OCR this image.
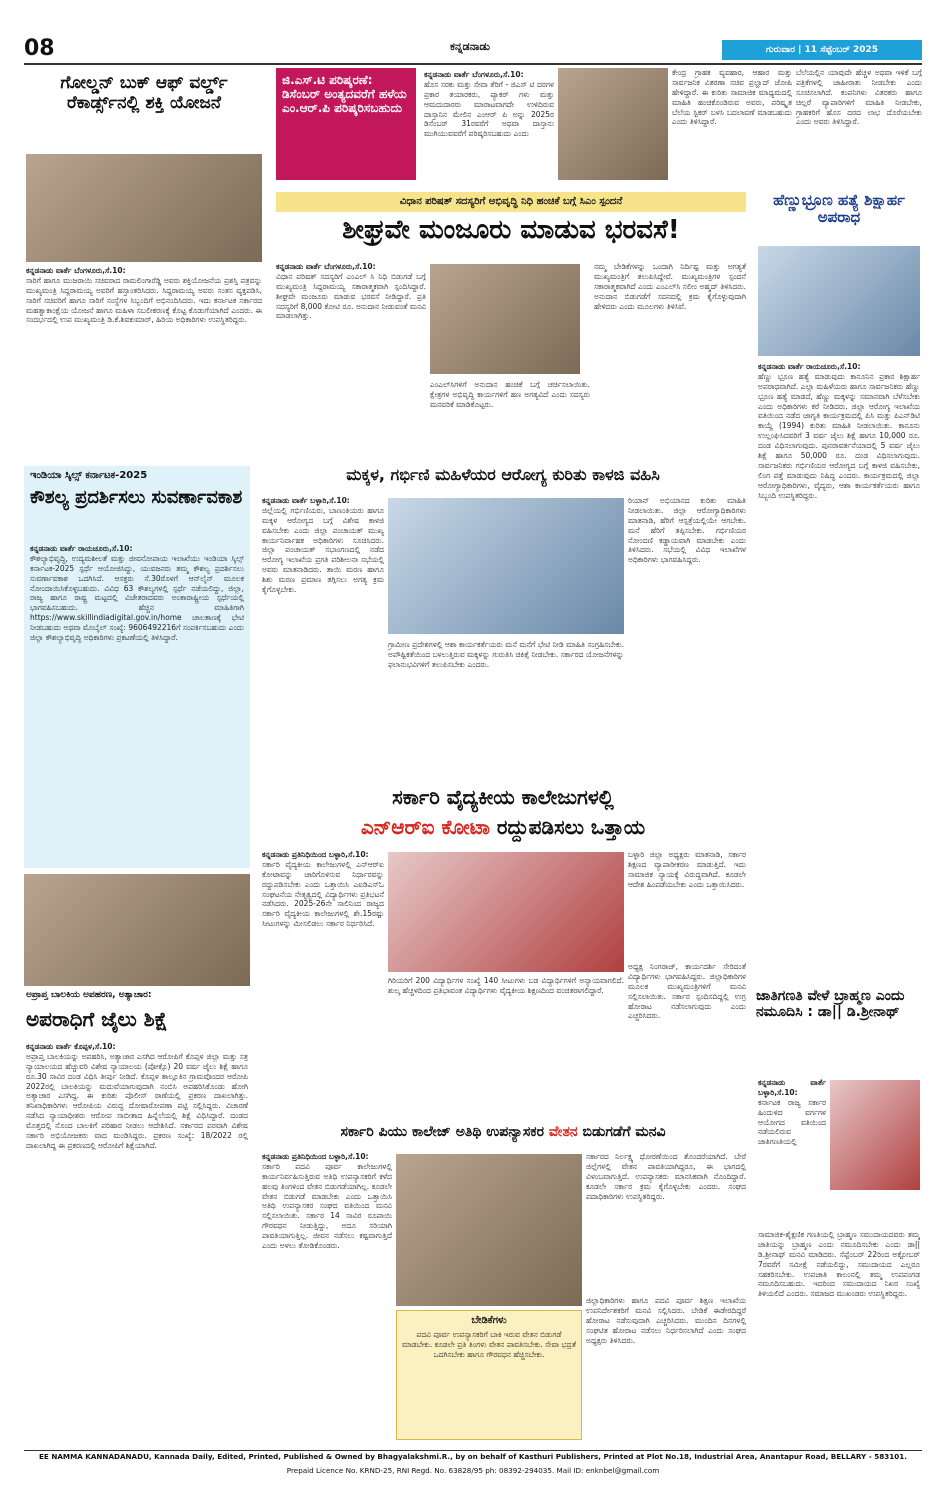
08	ಕನ್ನಡನಾಡು	ಗುರುವಾರ | 11 ಸೆಪ್ಟೆಂಬರ್ 2025
ಗೋಲ್ಡನ್ ಬುಕ್ ಆಫ್ ವರ್ಲ್ಡ್ ರೆಕಾರ್ಡ್ಸ್‌ನಲ್ಲಿ ಶಕ್ತಿ ಯೋಜನೆ
ಕನ್ನಡನಾಡು ವಾರ್ತೆ ಬೆಂಗಳೂರು,ಸೆ.10:
ಸಾರಿಗೆ ಹಾಗೂ ಮುಜರಾಯಿ ಸಚಿವರಾದ ರಾಮಲಿಂಗಾರೆಡ್ಡಿ ಅವರು ಶಕ್ತಿಯೋಜನೆಯ ಪ್ರಶಸ್ತಿ ಪತ್ರವನ್ನು ಮುಖ್ಯಮಂತ್ರಿ ಸಿದ್ದರಾಮಯ್ಯ ಅವರಿಗೆ ಹಸ್ತಾಂತರಿಸಿದರು. ಸಿದ್ದರಾಮಯ್ಯ ಅವರು ಸಂತಸ ವ್ಯಕ್ತಪಡಿಸಿ, ಸಾರಿಗೆ ಸಚಿವರಿಗೆ ಹಾಗೂ ಸಾರಿಗೆ ಸಂಸ್ಥೆಗಳ ಸಿಬ್ಬಂದಿಗೆ ಅಭಿನಂದಿಸಿದರು. ಇದು ಕರ್ನಾಟಕ ಸರ್ಕಾರದ ಮಹತ್ವಾಕಾಂಕ್ಷೆಯ ಯೋಜನೆ ಹಾಗೂ ಮಹಿಳಾ ಸಬಲೀಕರಣಕ್ಕೆ ಕೊಟ್ಟ ಕೊಡುಗೆಯಾಗಿದೆ ಎಂದರು. ಈ ಸಂದರ್ಭದಲ್ಲಿ ಉಪ ಮುಖ್ಯಮಂತ್ರಿ ಡಿ.ಕೆ.ಶಿವಕುಮಾರ್, ಹಿರಿಯ ಅಧಿಕಾರಿಗಳು ಉಪಸ್ಥಿತರಿದ್ದರು.
ಜಿ.ಎಸ್.ಟಿ ಪರಿಷ್ಕರಣೆ: ಡಿಸೆಂಬರ್ ಅಂತ್ಯದವರೆಗೆ ಹಳೆಯ ಎಂ.ಆರ್.ಪಿ ಪರಿಷ್ಕರಿಸಬಹುದು
ಕನ್ನಡನಾಡು ವಾರ್ತೆ ಬೆಂಗಳೂರು,ಸೆ.10:
ಹೊಸ ಸರಕು ಮತ್ತು ಸೇವಾ ತೆರಿಗೆ - ಜಿಎಸ್ ಟಿ ದರಗಳ ಪ್ರಕಾರ ತಯಾರಕರು, ಪ್ಯಾಕರ್ ಗಳು ಮತ್ತು ಆಮದುದಾರರು ಮಾರಾಟವಾಗದೇ ಉಳಿದಿರುವ ದಾಸ್ತಾನಿನ ಮೇಲಿನ ಎಂಆರ್ ಪಿ ಅನ್ನು 2025ರ ಡಿಸೆಂಬರ್ 31ರವರೆಗೆ ಅಥವಾ ದಾಸ್ತಾನು ಮುಗಿಯುವವರೆಗೆ ಪರಿಷ್ಕರಿಸಬಹುದು ಎಂದು
ಕೇಂದ್ರ ಗ್ರಾಹಕ ವ್ಯವಹಾರ, ಆಹಾರ ಮತ್ತು ಸಾರ್ವಜನಿಕ ವಿತರಣಾ ಸಚಿವ ಪ್ರಲ್ಹಾದ್ ಜೋಷಿ ಹೇಳಿದ್ದಾರೆ. ಈ ಕುರಿತು ಸಾಮಾಜಿಕ ಮಾಧ್ಯಮದಲ್ಲಿ ಮಾಹಿತಿ ಹಂಚಿಕೊಂಡಿರುವ ಅವರು, ಪರಿಷ್ಕೃತ ಬೆಲೆಯ ಸ್ಟಿಕರ್ ಬಳಸಿ ಬದಲಾವಣೆ ಮಾಡಬಹುದು ಎಂದು ತಿಳಿಸಿದ್ದಾರೆ.
ಬೆಲೆಯಲ್ಲಿನ ಯಾವುದೇ ಹೆಚ್ಚಳ ಅಥವಾ ಇಳಿಕೆ ಬಗ್ಗೆ ಪತ್ರಿಕೆಗಳಲ್ಲಿ ಜಾಹೀರಾತು ನೀಡಬೇಕು ಎಂದು ಸೂಚಿಸಲಾಗಿದೆ. ಕಂಪನಿಗಳು ವಿತರಕರು ಹಾಗೂ ಚಿಲ್ಲರೆ ವ್ಯಾಪಾರಿಗಳಿಗೆ ಮಾಹಿತಿ ನೀಡಬೇಕು, ಗ್ರಾಹಕರಿಗೆ ಹೊಸ ದರದ ಲಾಭ ದೊರೆಯಬೇಕು ಎಂದು ಅವರು ತಿಳಿಸಿದ್ದಾರೆ.
ವಿಧಾನ ಪರಿಷತ್ ಸದಸ್ಯರಿಗೆ ಅಭಿವೃದ್ಧಿ ನಿಧಿ ಹಂಚಿಕೆ ಬಗ್ಗೆ ಸಿಎಂ ಸ್ಪಂದನೆ
ಶೀಘ್ರವೇ ಮಂಜೂರು ಮಾಡುವ ಭರವಸೆ!
ಕನ್ನಡನಾಡು ವಾರ್ತೆ ಬೆಂಗಳೂರು,ಸೆ.10:
ವಿಧಾನ ಪರಿಷತ್ ಸದಸ್ಯರಿಗೆ ಎಂಎಲ್ ಸಿ ನಿಧಿ ಬಿಡುಗಡೆ ಬಗ್ಗೆ ಮುಖ್ಯಮಂತ್ರಿ ಸಿದ್ದರಾಮಯ್ಯ ಸಕಾರಾತ್ಮಕವಾಗಿ ಸ್ಪಂದಿಸಿದ್ದಾರೆ. ಶೀಘ್ರವೇ ಮಂಜೂರು ಮಾಡುವ ಭರವಸೆ ನೀಡಿದ್ದಾರೆ. ಪ್ರತಿ ಸದಸ್ಯರಿಗೆ 8,000 ಕೋಟಿ ರೂ. ಅನುದಾನ ನೀಡುವಂತೆ ಮನವಿ ಮಾಡಲಾಗಿತ್ತು.
ಎಂಎಲ್‌ಸಿಗಳಿಗೆ ಅನುದಾನ ಹಂಚಿಕೆ ಬಗ್ಗೆ ಚರ್ಚಿಸಲಾಯಿತು. ಕ್ಷೇತ್ರಗಳ ಅಭಿವೃದ್ಧಿ ಕಾರ್ಯಗಳಿಗೆ ಹಣ ಅಗತ್ಯವಿದೆ ಎಂದು ಸದಸ್ಯರು ಮನವರಿಕೆ ಮಾಡಿಕೊಟ್ಟರು.
ನಮ್ಮ ಬೇಡಿಕೆಗಳನ್ನು ಒಂದಾಗಿ ನಿರ್ದಿಷ್ಟ ಮತ್ತು ಅಗತ್ಯತೆ ಮುಖ್ಯಮಂತ್ರಿಗೆ ತಲುಪಿಸಿದ್ದೇವೆ. ಮುಖ್ಯಮಂತ್ರಿಗಳ ಸ್ಪಂದನೆ ಸಕಾರಾತ್ಮಕವಾಗಿದೆ ಎಂದು ಎಂಎಲ್‌ಸಿ ಸಲೀಂ ಅಹ್ಮದ್ ತಿಳಿಸಿದರು. ಅನುದಾನ ಬಿಡುಗಡೆಗೆ ಸದನದಲ್ಲಿ ಕ್ರಮ ಕೈಗೊಳ್ಳುವುದಾಗಿ ಹೇಳಿದರು ಎಂದು ಮೂಲಗಳು ತಿಳಿಸಿವೆ.
ಹೆಣ್ಣುಭ್ರೂಣ ಹತ್ಯೆ ಶಿಕ್ಷಾರ್ಹ ಅಪರಾಧ
ಕನ್ನಡನಾಡು ವಾರ್ತೆ ರಾಯಚೂರು,ಸೆ.10:
ಹೆಣ್ಣು ಭ್ರೂಣ ಹತ್ಯೆ ಮಾಡುವುದು ಕಾನೂನಿನ ಪ್ರಕಾರ ಶಿಕ್ಷಾರ್ಹ ಅಪರಾಧವಾಗಿದೆ. ಎಲ್ಲಾ ಮಹಿಳೆಯರು ಹಾಗೂ ಸಾರ್ವಜನಿಕರು ಹೆಣ್ಣು ಭ್ರೂಣ ಹತ್ಯೆ ಮಾಡದೆ, ಹೆಣ್ಣು ಮಕ್ಕಳನ್ನು ಸಮಾನವಾಗಿ ಬೆಳೆಸಬೇಕು ಎಂದು ಅಧಿಕಾರಿಗಳು ಕರೆ ನೀಡಿದರು. ಜಿಲ್ಲಾ ಆರೋಗ್ಯ ಇಲಾಖೆಯ ವತಿಯಿಂದ ನಡೆದ ಜಾಗೃತಿ ಕಾರ್ಯಕ್ರಮದಲ್ಲಿ ಪಿಸಿ ಮತ್ತು ಪಿಎನ್‌ಡಿಟಿ ಕಾಯ್ದೆ (1994) ಕುರಿತು ಮಾಹಿತಿ ನೀಡಲಾಯಿತು. ಕಾನೂನು ಉಲ್ಲಂಘಿಸಿದವರಿಗೆ 3 ವರ್ಷ ಜೈಲು ಶಿಕ್ಷೆ ಹಾಗೂ 10,000 ರೂ. ದಂಡ ವಿಧಿಸಲಾಗುವುದು. ಪುನರಾವರ್ತನೆಯಾದಲ್ಲಿ 5 ವರ್ಷ ಜೈಲು ಶಿಕ್ಷೆ ಹಾಗೂ 50,000 ರೂ. ದಂಡ ವಿಧಿಸಲಾಗುವುದು. ಸಾರ್ವಜನಿಕರು ಗರ್ಭಿಣಿಯರ ಆರೋಗ್ಯದ ಬಗ್ಗೆ ಕಾಳಜಿ ವಹಿಸಬೇಕು, ಲಿಂಗ ಪತ್ತೆ ಮಾಡುವುದು ನಿಷಿದ್ಧ ಎಂದರು. ಕಾರ್ಯಕ್ರಮದಲ್ಲಿ ಜಿಲ್ಲಾ ಆರೋಗ್ಯಾಧಿಕಾರಿಗಳು, ವೈದ್ಯರು, ಆಶಾ ಕಾರ್ಯಕರ್ತೆಯರು ಹಾಗೂ ಸಿಬ್ಬಂದಿ ಉಪಸ್ಥಿತರಿದ್ದರು.
ಇಂಡಿಯಾ ಸ್ಕಿಲ್ಸ್ ಕರ್ನಾಟಕ-2025
ಕೌಶಲ್ಯ ಪ್ರದರ್ಶಿಸಲು ಸುವರ್ಣಾವಕಾಶ
ಕನ್ನಡನಾಡು ವಾರ್ತೆ ರಾಯಚೂರು,ಸೆ.10:
ಕೌಶಲ್ಯಾಭಿವೃದ್ಧಿ, ಉದ್ಯಮಶೀಲತೆ ಮತ್ತು ಜೀವನೋಪಾಯ ಇಲಾಖೆಯು ಇಂಡಿಯಾ ಸ್ಕಿಲ್ಸ್ ಕರ್ನಾಟಕ-2025 ಸ್ಪರ್ಧೆ ಆಯೋಜಿಸಿದ್ದು, ಯುವಜನರು ತಮ್ಮ ಕೌಶಲ್ಯ ಪ್ರದರ್ಶಿಸಲು ಸುವರ್ಣಾವಕಾಶ ಒದಗಿಸಿದೆ. ಆಸಕ್ತರು ಸೆ.30ರೊಳಗೆ ಆನ್‌ಲೈನ್ ಮೂಲಕ ನೋಂದಾಯಿಸಿಕೊಳ್ಳಬಹುದು. ವಿವಿಧ 63 ಕೌಶಲ್ಯಗಳಲ್ಲಿ ಸ್ಪರ್ಧೆ ನಡೆಯಲಿದ್ದು, ಜಿಲ್ಲಾ, ರಾಜ್ಯ ಹಾಗೂ ರಾಷ್ಟ್ರ ಮಟ್ಟದಲ್ಲಿ ವಿಜೇತರಾದವರು ಅಂತಾರಾಷ್ಟ್ರೀಯ ಸ್ಪರ್ಧೆಯಲ್ಲಿ ಭಾಗವಹಿಸಬಹುದು. ಹೆಚ್ಚಿನ ಮಾಹಿತಿಗಾಗಿ https://www.skillindiadigital.gov.in/home ಜಾಲತಾಣಕ್ಕೆ ಭೇಟಿ ನೀಡಬಹುದು ಅಥವಾ ಮೊಬೈಲ್ ಸಂಖ್ಯೆ: 9606492216ಗೆ ಸಂಪರ್ಕಿಸಬಹುದು ಎಂದು ಜಿಲ್ಲಾ ಕೌಶಲ್ಯಾಭಿವೃದ್ಧಿ ಅಧಿಕಾರಿಗಳು ಪ್ರಕಟಣೆಯಲ್ಲಿ ತಿಳಿಸಿದ್ದಾರೆ.
ಮಕ್ಕಳ, ಗರ್ಭಿಣಿ ಮಹಿಳೆಯರ ಆರೋಗ್ಯ ಕುರಿತು ಕಾಳಜಿ ವಹಿಸಿ
ಕನ್ನಡನಾಡು ವಾರ್ತೆ ಬಳ್ಳಾರಿ,ಸೆ.10:
ಜಿಲ್ಲೆಯಲ್ಲಿ ಗರ್ಭಿಣಿಯರು, ಬಾಣಂತಿಯರು ಹಾಗೂ ಮಕ್ಕಳ ಆರೋಗ್ಯದ ಬಗ್ಗೆ ವಿಶೇಷ ಕಾಳಜಿ ವಹಿಸಬೇಕು ಎಂದು ಜಿಲ್ಲಾ ಪಂಚಾಯತ್ ಮುಖ್ಯ ಕಾರ್ಯನಿರ್ವಾಹಕ ಅಧಿಕಾರಿಗಳು ಸೂಚಿಸಿದರು. ಜಿಲ್ಲಾ ಪಂಚಾಯತ್ ಸಭಾಂಗಣದಲ್ಲಿ ನಡೆದ ಆರೋಗ್ಯ ಇಲಾಖೆಯ ಪ್ರಗತಿ ಪರಿಶೀಲನಾ ಸಭೆಯಲ್ಲಿ ಅವರು ಮಾತನಾಡಿದರು. ತಾಯಿ ಮರಣ ಹಾಗೂ ಶಿಶು ಮರಣ ಪ್ರಮಾಣ ತಗ್ಗಿಸಲು ಅಗತ್ಯ ಕ್ರಮ ಕೈಗೊಳ್ಳಬೇಕು.
ಗ್ರಾಮೀಣ ಪ್ರದೇಶಗಳಲ್ಲಿ ಆಶಾ ಕಾರ್ಯಕರ್ತೆಯರು ಮನೆ ಮನೆಗೆ ಭೇಟಿ ನೀಡಿ ಮಾಹಿತಿ ಸಂಗ್ರಹಿಸಬೇಕು. ಅಪೌಷ್ಟಿಕತೆಯಿಂದ ಬಳಲುತ್ತಿರುವ ಮಕ್ಕಳನ್ನು ಗುರುತಿಸಿ ಚಿಕಿತ್ಸೆ ನೀಡಬೇಕು. ಸರ್ಕಾರದ ಯೋಜನೆಗಳನ್ನು ಫಲಾನುಭವಿಗಳಿಗೆ ತಲುಪಿಸಬೇಕು ಎಂದರು.
ರಿಯಾನ್ ಅಭಿಯಾನದ ಕುರಿತು ಮಾಹಿತಿ ನೀಡಲಾಯಿತು. ಜಿಲ್ಲಾ ಆರೋಗ್ಯಾಧಿಕಾರಿಗಳು ಮಾತನಾಡಿ, ಹೆರಿಗೆ ಆಸ್ಪತ್ರೆಯಲ್ಲಿಯೇ ಆಗಬೇಕು. ಮನೆ ಹೆರಿಗೆ ತಪ್ಪಿಸಬೇಕು. ಗರ್ಭಿಣಿಯರ ನೋಂದಣಿ ಕಡ್ಡಾಯವಾಗಿ ಮಾಡಬೇಕು ಎಂದು ತಿಳಿಸಿದರು. ಸಭೆಯಲ್ಲಿ ವಿವಿಧ ಇಲಾಖೆಗಳ ಅಧಿಕಾರಿಗಳು ಭಾಗವಹಿಸಿದ್ದರು.
ಸರ್ಕಾರಿ ವೈದ್ಯಕೀಯ ಕಾಲೇಜುಗಳಲ್ಲಿ
ಎನ್‌ಆರ್‌ಐ ಕೋಟಾ ರದ್ದುಪಡಿಸಲು ಒತ್ತಾಯ
ಕನ್ನಡನಾಡು ಪ್ರತಿನಿಧಿಯಿಂದ ಬಳ್ಳಾರಿ,ಸೆ.10:
ಸರ್ಕಾರಿ ವೈದ್ಯಕೀಯ ಕಾಲೇಜುಗಳಲ್ಲಿ ಎನ್‌ಆರ್‌ಐ ಕೋಟಾವನ್ನು ಜಾರಿಗೊಳಿಸುವ ನಿರ್ಧಾರವನ್ನು ರದ್ದುಪಡಿಸಬೇಕು ಎಂದು ಒತ್ತಾಯಿಸಿ ಎಐಡಿಎಸ್‌ಓ ಸಂಘಟನೆಯ ನೇತೃತ್ವದಲ್ಲಿ ವಿದ್ಯಾರ್ಥಿಗಳು ಪ್ರತಿಭಟನೆ ನಡೆಸಿದರು. 2025-26ನೇ ಸಾಲಿನಿಂದ ರಾಜ್ಯದ ಸರ್ಕಾರಿ ವೈದ್ಯಕೀಯ ಕಾಲೇಜುಗಳಲ್ಲಿ ಶೇ.15ರಷ್ಟು ಸೀಟುಗಳನ್ನು ಮೀಸಲಿಡಲು ಸರ್ಕಾರ ನಿರ್ಧರಿಸಿದೆ.
ಗಿರಿಯರಿಗೆ 200 ವಿದ್ಯಾರ್ಥಿಗಳ ಸಂಖ್ಯೆ 140 ಸೀಟುಗಳು ಬಡ ವಿದ್ಯಾರ್ಥಿಗಳಿಗೆ ಅನ್ಯಾಯವಾಗಲಿದೆ. ಶುಲ್ಕ ಹೆಚ್ಚಳದಿಂದ ಪ್ರತಿಭಾವಂತ ವಿದ್ಯಾರ್ಥಿಗಳು ವೈದ್ಯಕೀಯ ಶಿಕ್ಷಣದಿಂದ ವಂಚಿತರಾಗಲಿದ್ದಾರೆ.
ಬಳ್ಳಾರಿ ಜಿಲ್ಲಾ ಅಧ್ಯಕ್ಷರು ಮಾತನಾಡಿ, ಸರ್ಕಾರ ಶಿಕ್ಷಣದ ವ್ಯಾಪಾರೀಕರಣ ಮಾಡುತ್ತಿದೆ. ಇದು ಸಾಮಾಜಿಕ ನ್ಯಾಯಕ್ಕೆ ವಿರುದ್ಧವಾಗಿದೆ. ಕೂಡಲೇ ಆದೇಶ ಹಿಂಪಡೆಯಬೇಕು ಎಂದು ಒತ್ತಾಯಿಸಿದರು.
ಅಧ್ಯಕ್ಷ ನಿಂಗರಾಜ್, ಕಾರ್ಯದರ್ಶಿ ಸೇರಿದಂತೆ ವಿದ್ಯಾರ್ಥಿಗಳು ಭಾಗವಹಿಸಿದ್ದರು. ಜಿಲ್ಲಾಧಿಕಾರಿಗಳ ಮೂಲಕ ಮುಖ್ಯಮಂತ್ರಿಗಳಿಗೆ ಮನವಿ ಸಲ್ಲಿಸಲಾಯಿತು. ಸರ್ಕಾರ ಸ್ಪಂದಿಸದಿದ್ದಲ್ಲಿ ಉಗ್ರ ಹೋರಾಟ ನಡೆಸಲಾಗುವುದು ಎಂದು ಎಚ್ಚರಿಸಿದರು.
ಅಪ್ರಾಪ್ತ ಬಾಲಕಿಯ ಅಪಹರಣ, ಅತ್ಯಾಚಾರ:
ಅಪರಾಧಿಗೆ ಜೈಲು ಶಿಕ್ಷೆ
ಕನ್ನಡನಾಡು ವಾರ್ತೆ ಕೊಪ್ಪಳ,ಸೆ.10:
ಅಪ್ರಾಪ್ತ ಬಾಲಕಿಯನ್ನು ಅಪಹರಿಸಿ, ಅತ್ಯಾಚಾರ ಎಸಗಿದ ಆರೋಪಿಗೆ ಕೊಪ್ಪಳ ಜಿಲ್ಲಾ ಮತ್ತು ಸತ್ರ ನ್ಯಾಯಾಲಯದ ಹೆಚ್ಚುವರಿ ವಿಶೇಷ ನ್ಯಾಯಾಲಯ (ಪೋಕ್ಸೊ) 20 ವರ್ಷ ಜೈಲು ಶಿಕ್ಷೆ ಹಾಗೂ ರೂ.30 ಸಾವಿರ ದಂಡ ವಿಧಿಸಿ ತೀರ್ಪು ನೀಡಿದೆ. ಕೊಪ್ಪಳ ತಾಲ್ಲೂಕಿನ ಗ್ರಾಮವೊಂದರ ಆರೋಪಿ 2022ರಲ್ಲಿ ಬಾಲಕಿಯನ್ನು ಮದುವೆಯಾಗುವುದಾಗಿ ನಂಬಿಸಿ ಅಪಹರಿಸಿಕೊಂಡು ಹೋಗಿ ಅತ್ಯಾಚಾರ ಎಸಗಿದ್ದ. ಈ ಕುರಿತು ಪೊಲೀಸ್ ಠಾಣೆಯಲ್ಲಿ ಪ್ರಕರಣ ದಾಖಲಾಗಿತ್ತು. ತನಿಖಾಧಿಕಾರಿಗಳು ಆರೋಪಿಯ ವಿರುದ್ಧ ದೋಷಾರೋಪಣಾ ಪಟ್ಟಿ ಸಲ್ಲಿಸಿದ್ದರು. ವಿಚಾರಣೆ ನಡೆಸಿದ ನ್ಯಾಯಾಧೀಶರು ಆರೋಪ ಸಾಬೀತಾದ ಹಿನ್ನೆಲೆಯಲ್ಲಿ ಶಿಕ್ಷೆ ವಿಧಿಸಿದ್ದಾರೆ. ದಂಡದ ಮೊತ್ತದಲ್ಲಿ ನೊಂದ ಬಾಲಕಿಗೆ ಪರಿಹಾರ ನೀಡಲು ಆದೇಶಿಸಿದೆ. ಸರ್ಕಾರದ ಪರವಾಗಿ ವಿಶೇಷ ಸರ್ಕಾರಿ ಅಭಿಯೋಜಕರು ವಾದ ಮಂಡಿಸಿದ್ದರು. ಪ್ರಕರಣ ಸಂಖ್ಯೆ: 18/2022 ರಲ್ಲಿ ದಾಖಲಾಗಿದ್ದ ಈ ಪ್ರಕರಣದಲ್ಲಿ ಆರೋಪಿಗೆ ಶಿಕ್ಷೆಯಾಗಿದೆ.
ಜಾತಿಗಣತಿ ವೇಳೆ ಬ್ರಾಹ್ಮಣ ಎಂದು ನಮೂದಿಸಿ : ಡಾ|| ಡಿ.ಶ್ರೀನಾಥ್
ಕನ್ನಡನಾಡು ವಾರ್ತೆ ಬಳ್ಳಾರಿ,ಸೆ.10:
ಕರ್ನಾಟಕ ರಾಜ್ಯ ಸರ್ಕಾರ ಹಿಂದುಳಿದ ವರ್ಗಗಳ ಆಯೋಗದ ವತಿಯಿಂದ ನಡೆಯಲಿರುವ ಜಾತಿಗಣತಿಯಲ್ಲಿ
ಸಾಮಾಜಿಕ-ಶೈಕ್ಷಣಿಕ ಗಣತಿಯಲ್ಲಿ ಬ್ರಾಹ್ಮಣ ಸಮುದಾಯದವರು ತಮ್ಮ ಜಾತಿಯನ್ನು ಬ್ರಾಹ್ಮಣ ಎಂದು ನಮೂದಿಸಬೇಕು ಎಂದು ಡಾ|| ಡಿ.ಶ್ರೀನಾಥ್ ಮನವಿ ಮಾಡಿದರು. ಸೆಪ್ಟೆಂಬರ್ 22ರಿಂದ ಅಕ್ಟೋಬರ್ 7ರವರೆಗೆ ಸಮೀಕ್ಷೆ ನಡೆಯಲಿದ್ದು, ಸಮುದಾಯದ ಎಲ್ಲರೂ ಸಹಕರಿಸಬೇಕು. ಉಪಜಾತಿ ಕಾಲಂನಲ್ಲಿ ತಮ್ಮ ಉಪಪಂಗಡ ನಮೂದಿಸಬಹುದು. ಇದರಿಂದ ಸಮುದಾಯದ ನಿಖರ ಸಂಖ್ಯೆ ತಿಳಿಯಲಿದೆ ಎಂದರು. ಸಮಾಜದ ಮುಖಂಡರು ಉಪಸ್ಥಿತರಿದ್ದರು.
ಸರ್ಕಾರಿ ಪಿಯು ಕಾಲೇಜ್ ಅತಿಥಿ ಉಪನ್ಯಾಸಕರ ವೇತನ ಬಿಡುಗಡೆಗೆ ಮನವಿ
ಕನ್ನಡನಾಡು ಪ್ರತಿನಿಧಿಯಿಂದ ಬಳ್ಳಾರಿ,ಸೆ.10:
ಸರ್ಕಾರಿ ಪದವಿ ಪೂರ್ವ ಕಾಲೇಜುಗಳಲ್ಲಿ ಕಾರ್ಯನಿರ್ವಹಿಸುತ್ತಿರುವ ಅತಿಥಿ ಉಪನ್ಯಾಸಕರಿಗೆ ಕಳೆದ ಹಲವು ತಿಂಗಳಿಂದ ವೇತನ ಬಿಡುಗಡೆಯಾಗಿಲ್ಲ. ಕೂಡಲೇ ವೇತನ ಬಿಡುಗಡೆ ಮಾಡಬೇಕು ಎಂದು ಒತ್ತಾಯಿಸಿ ಅತಿಥಿ ಉಪನ್ಯಾಸಕರ ಸಂಘದ ವತಿಯಿಂದ ಮನವಿ ಸಲ್ಲಿಸಲಾಯಿತು. ಸರ್ಕಾರ 14 ಸಾವಿರ ರೂಪಾಯಿ ಗೌರವಧನ ನೀಡುತ್ತಿದ್ದು, ಅದೂ ಸರಿಯಾಗಿ ಪಾವತಿಯಾಗುತ್ತಿಲ್ಲ. ಜೀವನ ನಡೆಸಲು ಕಷ್ಟವಾಗುತ್ತಿದೆ ಎಂದು ಅಳಲು ತೋಡಿಕೊಂಡರು.
ಬೇಡಿಕೆಗಳು
ಪದವಿ ಪೂರ್ವ ಉಪನ್ಯಾಸಕರಿಗೆ ಬಾಕಿ ಇರುವ ವೇತನ ಬಿಡುಗಡೆ ಮಾಡಬೇಕು. ಕೂಡಲೇ ಪ್ರತಿ ತಿಂಗಳು ವೇತನ ಪಾವತಿಸಬೇಕು. ಸೇವಾ ಭದ್ರತೆ ಒದಗಿಸಬೇಕು ಹಾಗೂ ಗೌರವಧನ ಹೆಚ್ಚಿಸಬೇಕು.
ಸರ್ಕಾರದ ನಿರ್ಲಕ್ಷ್ಯ ಧೋರಣೆಯಿಂದ ತೊಂದರೆಯಾಗಿದೆ. ಬೇರೆ ಜಿಲ್ಲೆಗಳಲ್ಲಿ ವೇತನ ಪಾವತಿಯಾಗಿದ್ದರೂ, ಈ ಭಾಗದಲ್ಲಿ ವಿಳಂಬವಾಗುತ್ತಿದೆ. ಉಪನ್ಯಾಸಕರು ಮಾನಸಿಕವಾಗಿ ನೊಂದಿದ್ದಾರೆ. ಕೂಡಲೇ ಸರ್ಕಾರ ಕ್ರಮ ಕೈಗೊಳ್ಳಬೇಕು ಎಂದರು. ಸಂಘದ ಪದಾಧಿಕಾರಿಗಳು ಉಪಸ್ಥಿತರಿದ್ದರು.
ಜಿಲ್ಲಾಧಿಕಾರಿಗಳು ಹಾಗೂ ಪದವಿ ಪೂರ್ವ ಶಿಕ್ಷಣ ಇಲಾಖೆಯ ಉಪನಿರ್ದೇಶಕರಿಗೆ ಮನವಿ ಸಲ್ಲಿಸಿದರು. ಬೇಡಿಕೆ ಈಡೇರದಿದ್ದರೆ ಹೋರಾಟ ನಡೆಸುವುದಾಗಿ ಎಚ್ಚರಿಸಿದರು. ಮುಂದಿನ ದಿನಗಳಲ್ಲಿ ಸಂಘಟಿತ ಹೋರಾಟ ನಡೆಸಲು ನಿರ್ಧರಿಸಲಾಗಿದೆ ಎಂದು ಸಂಘದ ಅಧ್ಯಕ್ಷರು ತಿಳಿಸಿದರು.
EE NAMMA KANNADANADU, Kannada Daily, Edited, Printed, Published & Owned by Bhagyalakshmi.R., by on behalf of Kasthuri Publishers, Printed at Plot No.18, Industrial Area, Anantapur Road, BELLARY - 583101.
Prepaid Licence No. KRND-25, RNI Regd. No. 63828/95 ph: 08392-294035. Mail ID: enknbel@gmail.com
